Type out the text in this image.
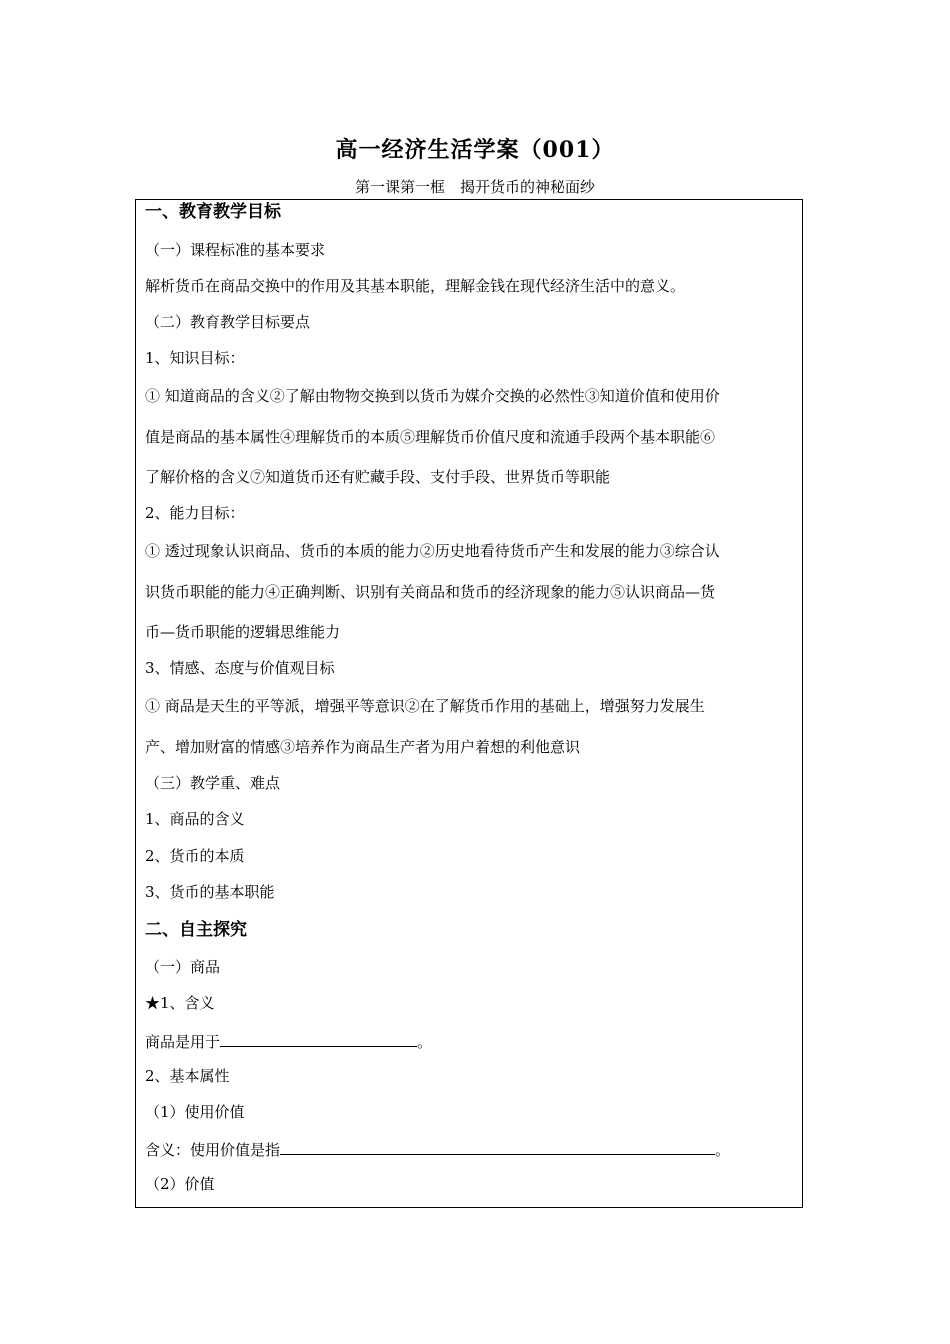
高一经济生活学案（001）
第一课第一框　揭开货币的神秘面纱
一、教育教学目标
（一）课程标准的基本要求
解析货币在商品交换中的作用及其基本职能，理解金钱在现代经济生活中的意义。
（二）教育教学目标要点
1、知识目标：
① 知道商品的含义②了解由物物交换到以货币为媒介交换的必然性③知道价值和使用价
值是商品的基本属性④理解货币的本质⑤理解货币价值尺度和流通手段两个基本职能⑥
了解价格的含义⑦知道货币还有贮藏手段、支付手段、世界货币等职能
2、能力目标：
① 透过现象认识商品、货币的本质的能力②历史地看待货币产生和发展的能力③综合认
识货币职能的能力④正确判断、识别有关商品和货币的经济现象的能力⑤认识商品—货
币—货币职能的逻辑思维能力
3、情感、态度与价值观目标
① 商品是天生的平等派，增强平等意识②在了解货币作用的基础上，增强努力发展生
产、增加财富的情感③培养作为商品生产者为用户着想的利他意识
（三）教学重、难点
1、商品的含义
2、货币的本质
3、货币的基本职能
二、自主探究
（一）商品
★1、含义
商品是用于	。
2、基本属性
（1）使用价值
含义：使用价值是指	。
（2）价值
